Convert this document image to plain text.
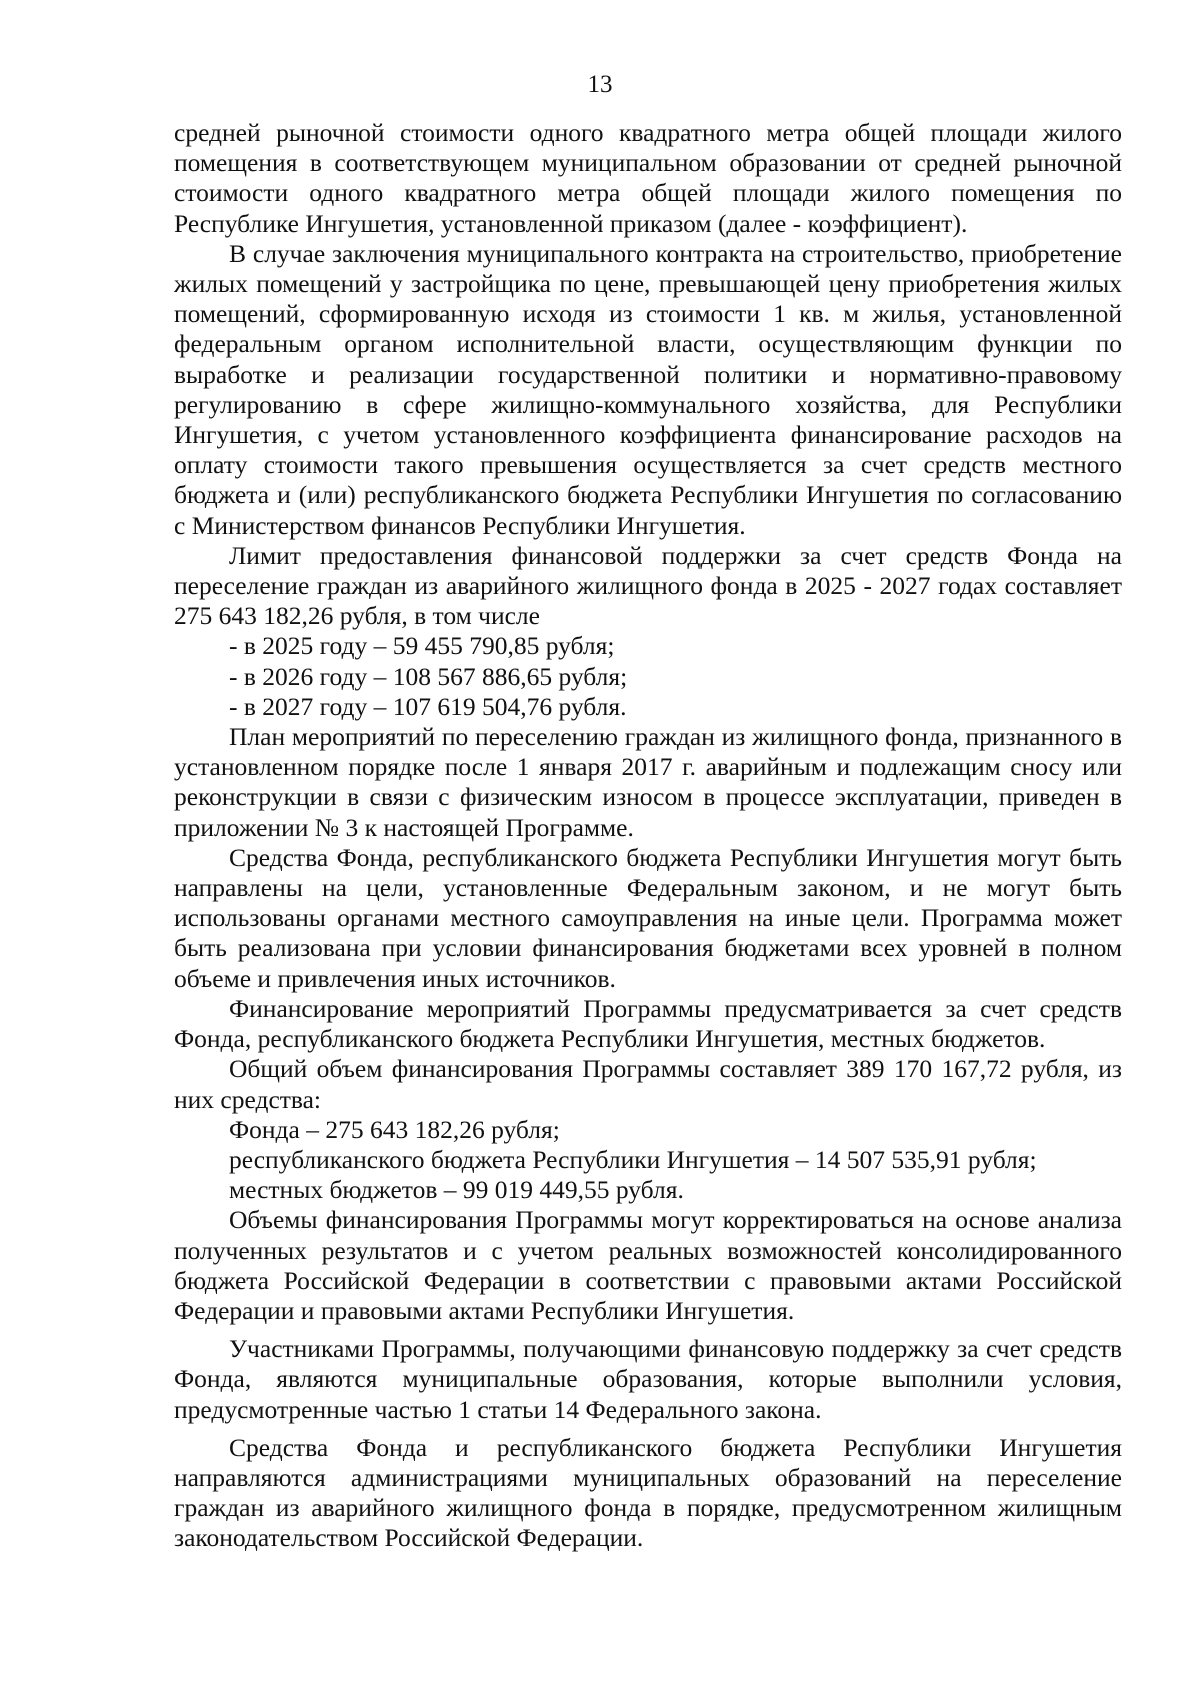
13

средней рыночной стоимости одного квадратного метра общей площади жилого помещения в соответствующем муниципальном образовании от средней рыночной стоимости одного квадратного метра общей площади жилого помещения по Республике Ингушетия, установленной приказом (далее - коэффициент).

В случае заключения муниципального контракта на строительство, приобретение жилых помещений у застройщика по цене, превышающей цену приобретения жилых помещений, сформированную исходя из стоимости 1 кв. м жилья, установленной федеральным органом исполнительной власти, осуществляющим функции по выработке и реализации государственной политики и нормативно-правовому регулированию в сфере жилищно-коммунального хозяйства, для Республики Ингушетия, с учетом установленного коэффициента финансирование расходов на оплату стоимости такого превышения осуществляется за счет средств местного бюджета и (или) республиканского бюджета Республики Ингушетия по согласованию с Министерством финансов Республики Ингушетия.

Лимит предоставления финансовой поддержки за счет средств Фонда на переселение граждан из аварийного жилищного фонда в 2025 - 2027 годах составляет 275 643 182,26 рубля, в том числе

- в 2025 году – 59 455 790,85 рубля;

- в 2026 году – 108 567 886,65 рубля;

- в 2027 году – 107 619 504,76 рубля.

План мероприятий по переселению граждан из жилищного фонда, признанного в установленном порядке после 1 января 2017 г. аварийным и подлежащим сносу или реконструкции в связи с физическим износом в процессе эксплуатации, приведен в приложении № 3 к настоящей Программе.

Средства Фонда, республиканского бюджета Республики Ингушетия могут быть направлены на цели, установленные Федеральным законом, и не могут быть использованы органами местного самоуправления на иные цели. Программа может быть реализована при условии финансирования бюджетами всех уровней в полном объеме и привлечения иных источников.

Финансирование мероприятий Программы предусматривается за счет средств Фонда, республиканского бюджета Республики Ингушетия, местных бюджетов.

Общий объем финансирования Программы составляет 389 170 167,72 рубля, из них средства:

Фонда – 275 643 182,26 рубля;

республиканского бюджета Республики Ингушетия – 14 507 535,91 рубля;

местных бюджетов – 99 019 449,55 рубля.

Объемы финансирования Программы могут корректироваться на основе анализа полученных результатов и с учетом реальных возможностей консолидированного бюджета Российской Федерации в соответствии с правовыми актами Российской Федерации и правовыми актами Республики Ингушетия.

Участниками Программы, получающими финансовую поддержку за счет средств Фонда, являются муниципальные образования, которые выполнили условия, предусмотренные частью 1 статьи 14 Федерального закона.

Средства Фонда и республиканского бюджета Республики Ингушетия направляются администрациями муниципальных образований на переселение граждан из аварийного жилищного фонда в порядке, предусмотренном жилищным законодательством Российской Федерации.
